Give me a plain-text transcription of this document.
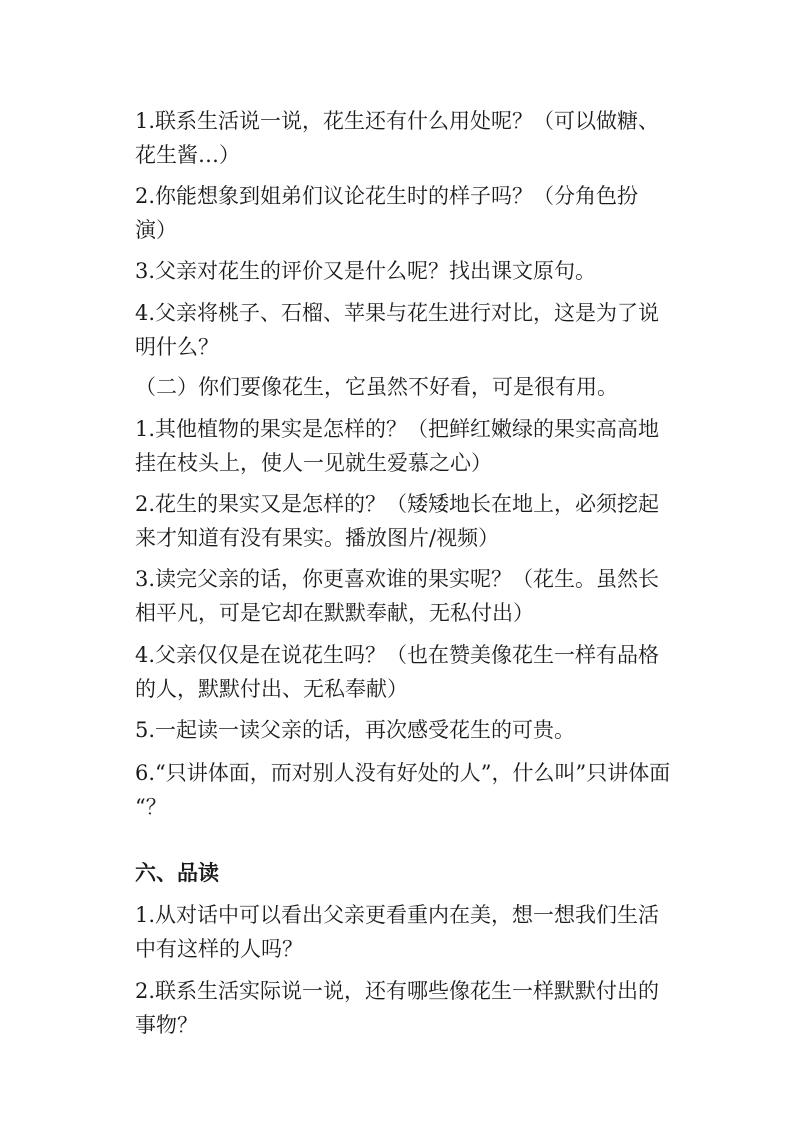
1.联系生活说一说，花生还有什么用处呢？（可以做糖、
花生酱…）

2.你能想象到姐弟们议论花生时的样子吗？（分角色扮
演）

3.父亲对花生的评价又是什么呢？找出课文原句。

4.父亲将桃子、石榴、苹果与花生进行对比，这是为了说
明什么？

（二）你们要像花生，它虽然不好看，可是很有用。

1.其他植物的果实是怎样的？（把鲜红嫩绿的果实高高地
挂在枝头上，使人一见就生爱慕之心）

2.花生的果实又是怎样的？（矮矮地长在地上，必须挖起
来才知道有没有果实。播放图片/视频）

3.读完父亲的话，你更喜欢谁的果实呢？（花生。虽然长
相平凡，可是它却在默默奉献，无私付出）

4.父亲仅仅是在说花生吗？（也在赞美像花生一样有品格
的人，默默付出、无私奉献）

5.一起读一读父亲的话，再次感受花生的可贵。

6.“只讲体面，而对别人没有好处的人”，什么叫”只讲体面
“？

六、品读

1.从对话中可以看出父亲更看重内在美，想一想我们生活
中有这样的人吗？

2.联系生活实际说一说，还有哪些像花生一样默默付出的
事物？
